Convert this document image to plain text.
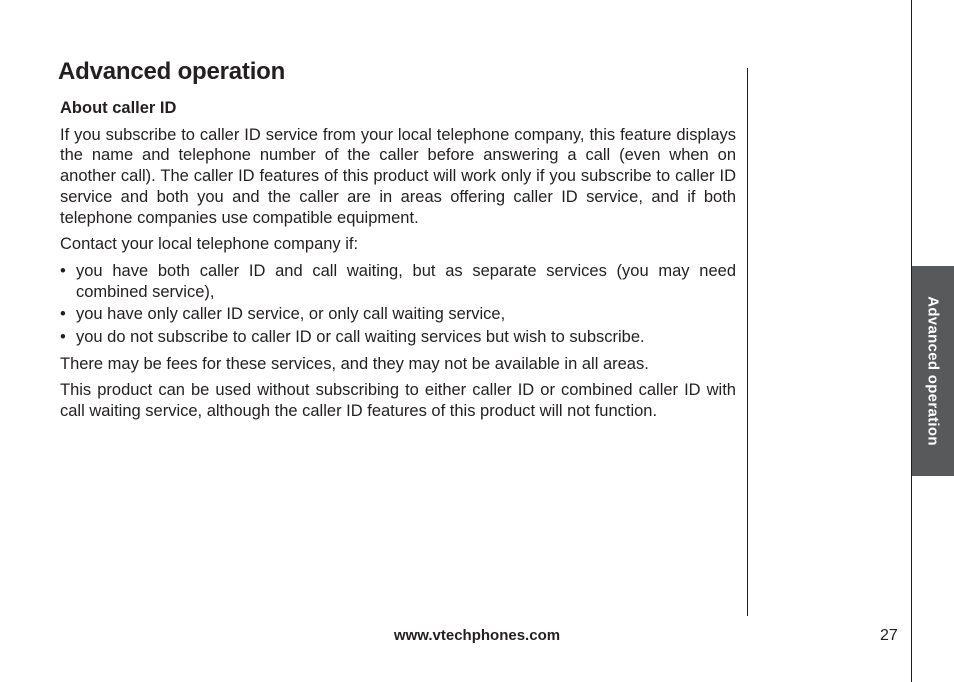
Advanced operation
About caller ID

If you subscribe to caller ID service from your local telephone company, this feature displays the name and telephone number of the caller before answering a call (even when on another call). The caller ID features of this product will work only if you subscribe to caller ID service and both you and the caller are in areas offering caller ID service, and if both telephone companies use compatible equipment.

Contact your local telephone company if:

• you have both caller ID and call waiting, but as separate services (you may need combined service),
• you have only caller ID service, or only call waiting service,
• you do not subscribe to caller ID or call waiting services but wish to subscribe.

There may be fees for these services, and they may not be available in all areas.

This product can be used without subscribing to either caller ID or combined caller ID with call waiting service, although the caller ID features of this product will not function.	Advanced operation
www.vtechphones.com	27
